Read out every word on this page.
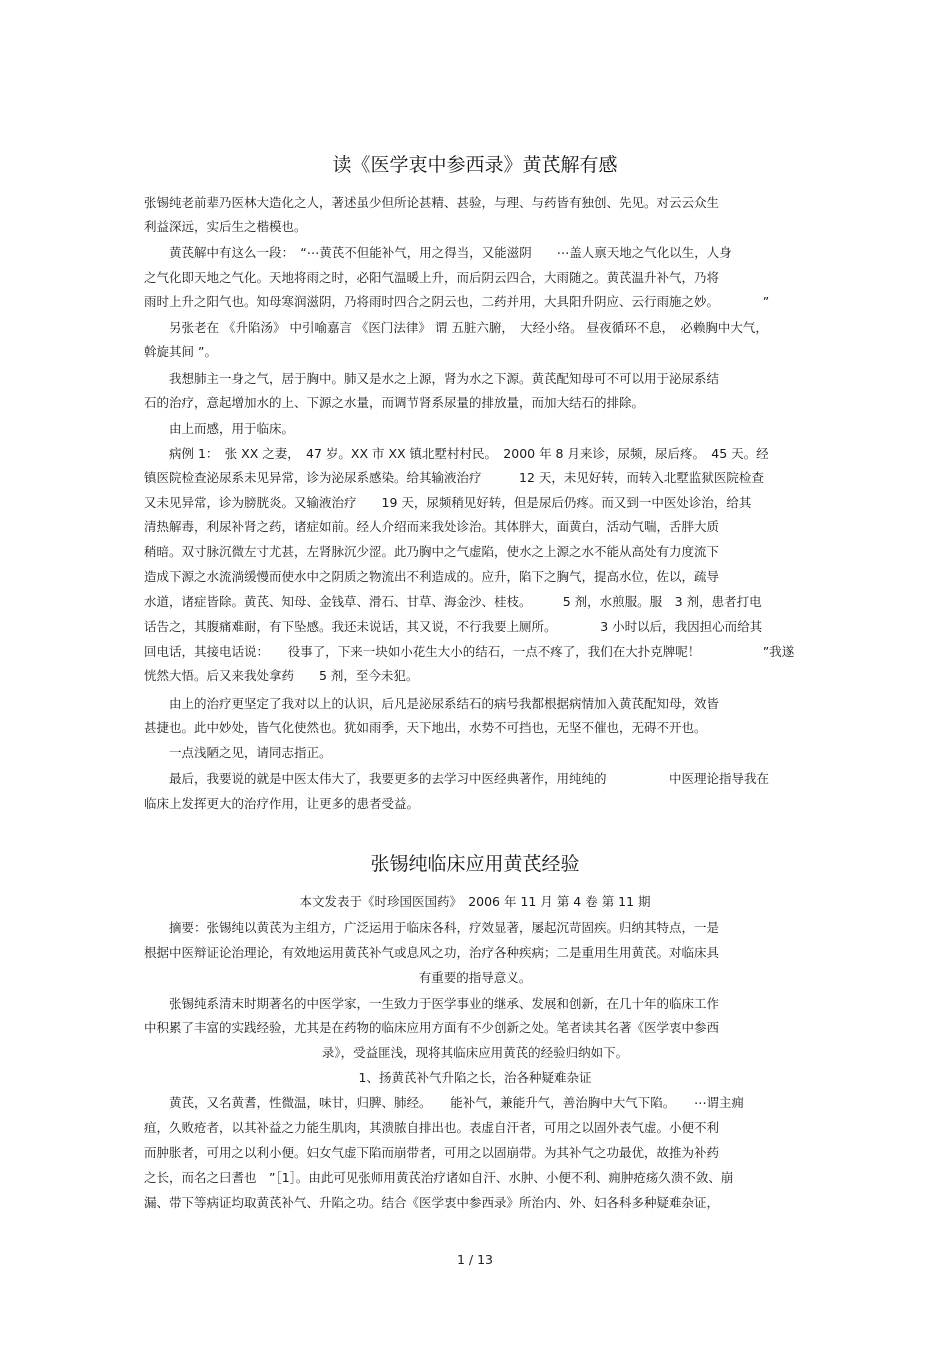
读《医学衷中参西录》黄芪解有感

张锡纯老前辈乃医林大造化之人，著述虽少但所论甚精、甚验，与理、与药皆有独创、先见。对云云众生

利益深远，实后生之楷模也。

　　黄芪解中有这么一段：　“⋯黄芪不但能补气，用之得当，又能滋阴　　⋯盖人禀天地之气化以生，人身

之气化即天地之气化。天地将雨之时，必阳气温暖上升，而后阴云四合，大雨随之。黄芪温升补气，乃将

雨时上升之阳气也。知母寒润滋阴，乃将雨时四合之阴云也，二药并用，大具阳升阴应、云行雨施之妙。　　　　”

　　另张老在 《升陷汤》 中引喻嘉言 《医门法律》 谓 五脏六腑，　大经小络。 昼夜循环不息，　必赖胸中大气，

斡旋其间 ”。

　　我想肺主一身之气，居于胸中。肺又是水之上源，肾为水之下源。黄芪配知母可不可以用于泌尿系结

石的治疗，意起增加水的上、下源之水量，而调节肾系尿量的排放量，而加大结石的排除。

　　由上而感，用于临床。

　　病例 1：　张 XX 之妻，　47 岁。XX 市 XX 镇北墅村村民。　2000 年 8 月来诊，尿频，尿后疼。　45 天。经

镇医院检查泌尿系未见异常，诊为泌尿系感染。给其输液治疗　　　12 天，未见好转，而转入北墅监狱医院检查

又未见异常，诊为膀胱炎。又输液治疗　　19 天，尿频稍见好转，但是尿后仍疼。而又到一中医处诊治，给其

清热解毒，利尿补肾之药，诸症如前。经人介绍而来我处诊治。其体胖大，面黄白，活动气喘，舌胖大质

稍暗。双寸脉沉微左寸尤甚，左肾脉沉少涩。此乃胸中之气虚陷，使水之上源之水不能从高处有力度流下

造成下源之水流淌缓慢而使水中之阴质之物流出不利造成的。应升，陷下之胸气，提高水位，佐以，疏导

水道，诸症皆除。黄芪、知母、金钱草、滑石、甘草、海金沙、桂枝。　　　5 剂，水煎服。服　3 剂，患者打电

话告之，其腹痛难耐，有下坠感。我还未说话，其又说，不行我要上厕所。　　　　3 小时以后，我因担心而给其

回电话，其接电话说：　　役事了，下来一块如小花生大小的结石，一点不疼了，我们在大扑克牌呢！　　　　　”我遂

恍然大悟。后又来我处拿药　　5 剂，至今未犯。

　　由上的治疗更坚定了我对以上的认识，后凡是泌尿系结石的病号我都根据病情加入黄芪配知母，效皆

甚捷也。此中妙处，皆气化使然也。犹如雨季，天下地出，水势不可挡也，无坚不催也，无碍不开也。

　　一点浅陋之见，请同志指正。

　　最后，我要说的就是中医太伟大了，我要更多的去学习中医经典著作，用纯纯的　　　　　中医理论指导我在

临床上发挥更大的治疗作用，让更多的患者受益。

张锡纯临床应用黄芪经验

本文发表于《时珍国医国药》　2006 年 11 月 第 4 卷 第 11 期

　　摘要：张锡纯以黄芪为主组方，广泛运用于临床各科，疗效显著，屡起沉苛固疾。归纳其特点，一是

根据中医辩证论治理论，有效地运用黄芪补气或息风之功，治疗各种疾病；二是重用生用黄芪。对临床具

有重要的指导意义。

　　张锡纯系清末时期著名的中医学家，一生致力于医学事业的继承、发展和创新，在几十年的临床工作

中积累了丰富的实践经验，尤其是在药物的临床应用方面有不少创新之处。笔者读其名著《医学衷中参西

录》，受益匪浅，现将其临床应用黄芪的经验归纳如下。

1、扬黄芪补气升陷之长，治各种疑难杂证

　　黄芪，又名黄耆，性微温，味甘，归脾、肺经。　　能补气，兼能升气，善治胸中大气下陷。　　⋯谓主痈

疽，久败疮者，以其补益之力能生肌肉，其溃脓自排出也。表虚自汗者，可用之以固外表气虚。小便不利

而肿胀者，可用之以利小便。妇女气虚下陷而崩带者，可用之以固崩带。为其补气之功最优，故推为补药

之长，而名之曰耆也　”［1］。由此可见张师用黄芪治疗诸如自汗、水肿、小便不利、痈肿疮疡久溃不敛、崩

漏、带下等病证均取黄芪补气、升陷之功。结合《医学衷中参西录》所治内、外、妇各科多种疑难杂证，

1 / 13
